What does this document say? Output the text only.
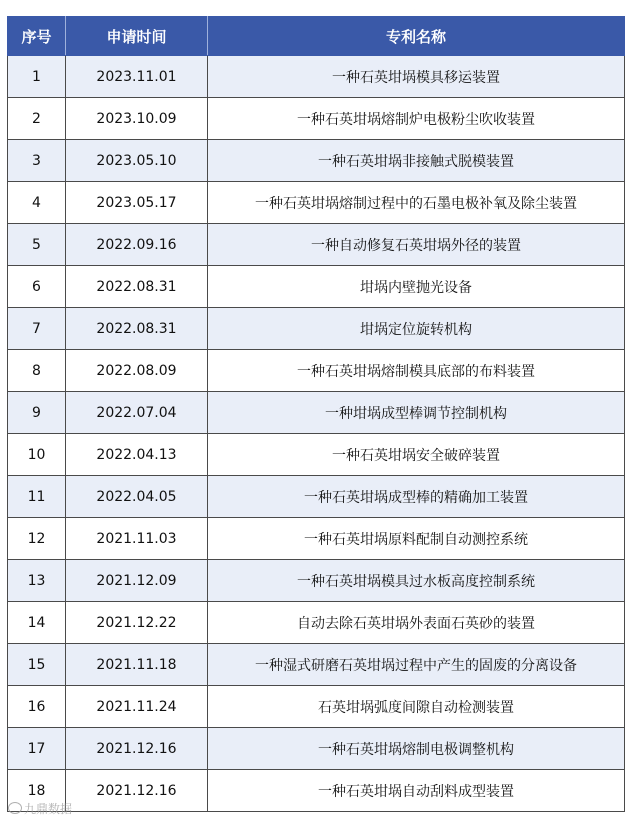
序号	申请时间	专利名称
1	2023.11.01	一种石英坩埚模具移运装置
2	2023.10.09	一种石英坩埚熔制炉电极粉尘吹收装置
3	2023.05.10	一种石英坩埚非接触式脱模装置
4	2023.05.17	一种石英坩埚熔制过程中的石墨电极补氧及除尘装置
5	2022.09.16	一种自动修复石英坩埚外径的装置
6	2022.08.31	坩埚内壁抛光设备
7	2022.08.31	坩埚定位旋转机构
8	2022.08.09	一种石英坩埚熔制模具底部的布料装置
9	2022.07.04	一种坩埚成型棒调节控制机构
10	2022.04.13	一种石英坩埚安全破碎装置
11	2022.04.05	一种石英坩埚成型棒的精确加工装置
12	2021.11.03	一种石英坩埚原料配制自动测控系统
13	2021.12.09	一种石英坩埚模具过水板高度控制系统
14	2021.12.22	自动去除石英坩埚外表面石英砂的装置
15	2021.11.18	一种湿式研磨石英坩埚过程中产生的固废的分离设备
16	2021.11.24	石英坩埚弧度间隙自动检测装置
17	2021.12.16	一种石英坩埚熔制电极调整机构
18	2021.12.16	一种石英坩埚自动刮料成型装置
九鼎数据
